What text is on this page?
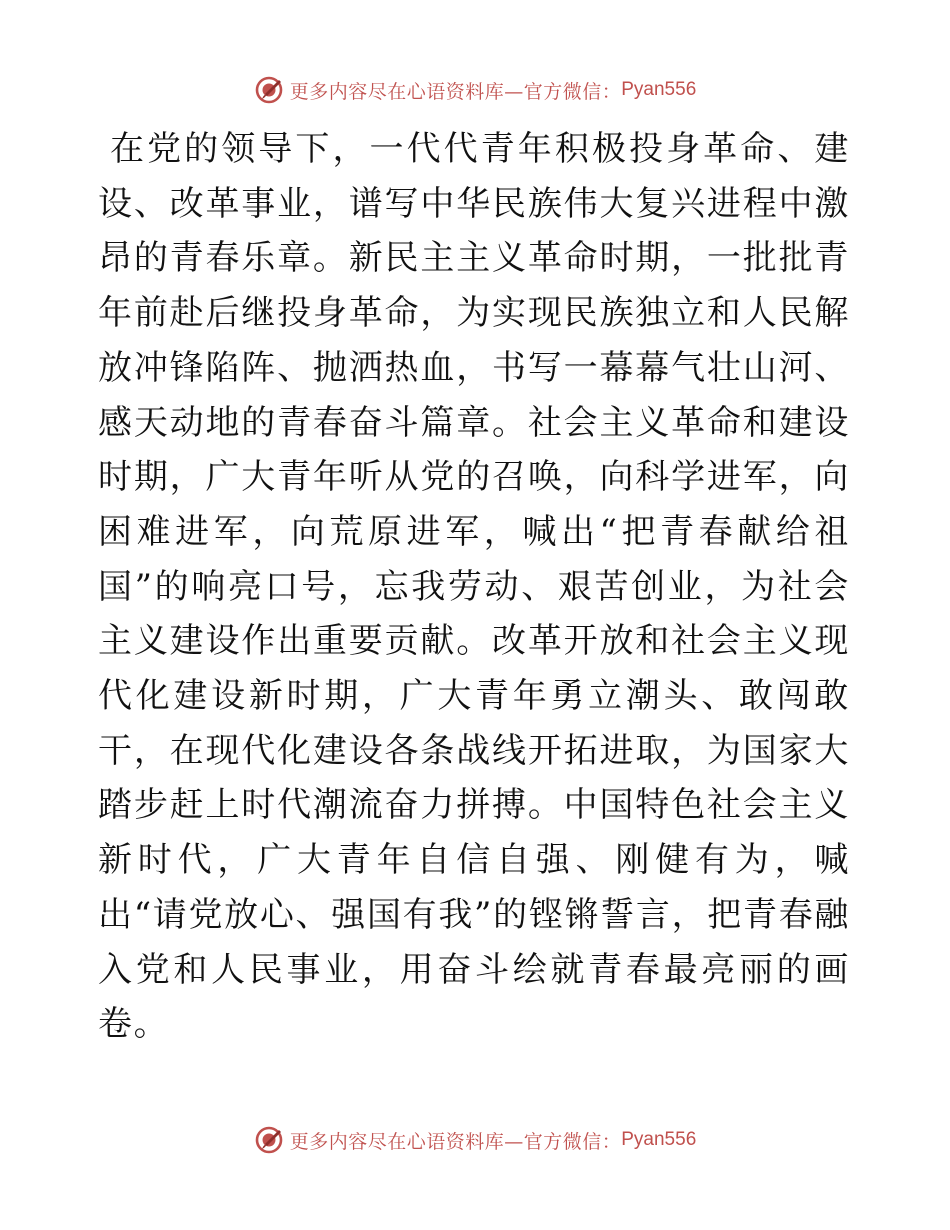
更多内容尽在心语资料库—官方微信： Pyan556

在党的领导下，一代代青年积极投身革命、建设、改革事业，谱写中华民族伟大复兴进程中激昂的青春乐章。新民主主义革命时期，一批批青年前赴后继投身革命，为实现民族独立和人民解放冲锋陷阵、抛洒热血，书写一幕幕气壮山河、感天动地的青春奋斗篇章。社会主义革命和建设时期，广大青年听从党的召唤，向科学进军，向困难进军，向荒原进军，喊出“把青春献给祖国”的响亮口号，忘我劳动、艰苦创业，为社会主义建设作出重要贡献。改革开放和社会主义现代化建设新时期，广大青年勇立潮头、敢闯敢干，在现代化建设各条战线开拓进取，为国家大踏步赶上时代潮流奋力拼搏。中国特色社会主义新时代，广大青年自信自强、刚健有为，喊出“请党放心、强国有我”的铿锵誓言，把青春融入党和人民事业，用奋斗绘就青春最亮丽的画卷。

更多内容尽在心语资料库—官方微信： Pyan556
